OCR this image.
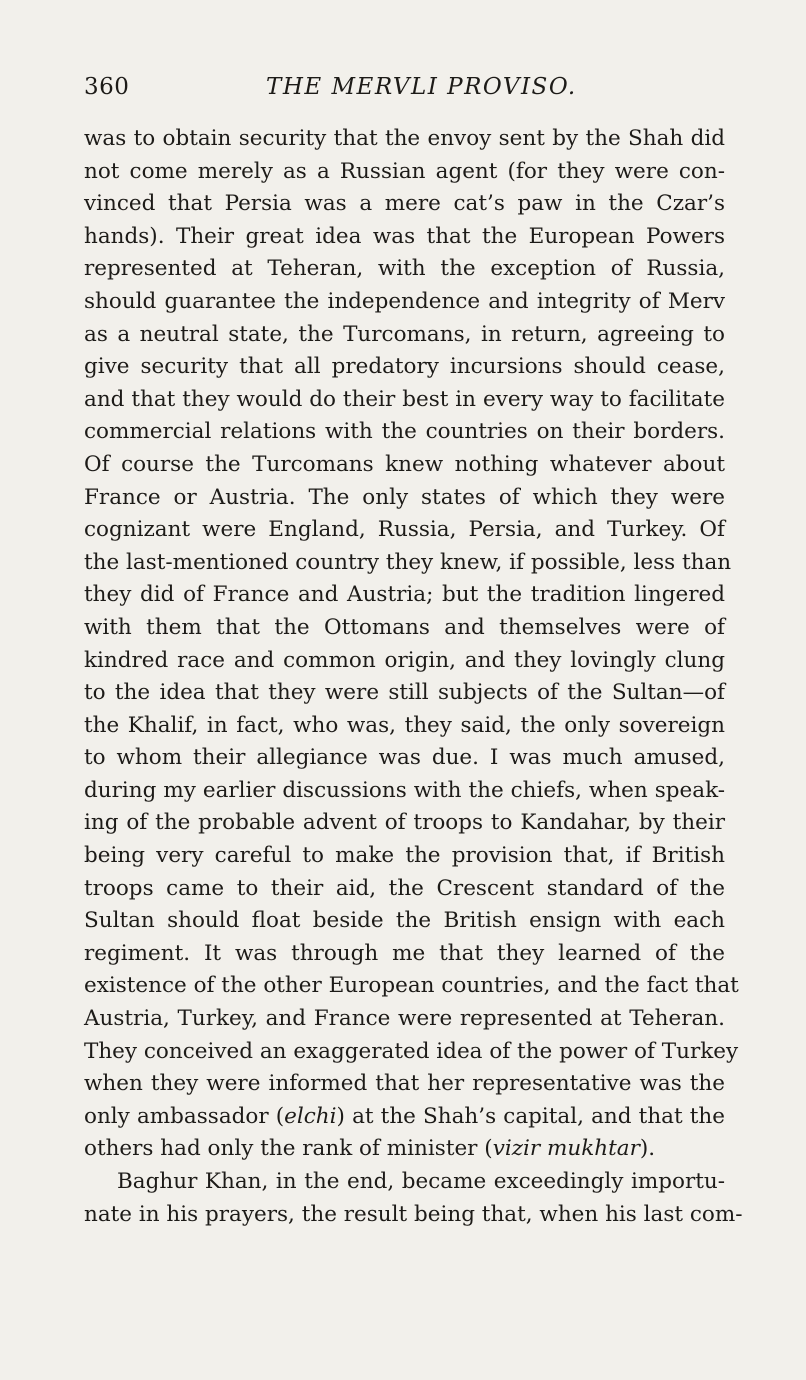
360	THE MERVLI PROVISO.
was to obtain security that the envoy sent by the Shah did
not come merely as a Russian agent (for they were con-
vinced that Persia was a mere cat’s paw in the Czar’s
hands). Their great idea was that the European Powers
represented at Teheran, with the exception of Russia,
should guarantee the independence and integrity of Merv
as a neutral state, the Turcomans, in return, agreeing to
give security that all predatory incursions should cease,
and that they would do their best in every way to facilitate
commercial relations with the countries on their borders.
Of course the Turcomans knew nothing whatever about
France or Austria. The only states of which they were
cognizant were England, Russia, Persia, and Turkey. Of
the last-mentioned country they knew, if possible, less than
they did of France and Austria; but the tradition lingered
with them that the Ottomans and themselves were of
kindred race and common origin, and they lovingly clung
to the idea that they were still subjects of the Sultan—of
the Khalif, in fact, who was, they said, the only sovereign
to whom their allegiance was due. I was much amused,
during my earlier discussions with the chiefs, when speak-
ing of the probable advent of troops to Kandahar, by their
being very careful to make the provision that, if British
troops came to their aid, the Crescent standard of the
Sultan should float beside the British ensign with each
regiment. It was through me that they learned of the
existence of the other European countries, and the fact that
Austria, Turkey, and France were represented at Teheran.
They conceived an exaggerated idea of the power of Turkey
when they were informed that her representative was the
only ambassador (elchi) at the Shah’s capital, and that the
others had only the rank of minister (vizir mukhtar).
Baghur Khan, in the end, became exceedingly importu-
nate in his prayers, the result being that, when his last com-
